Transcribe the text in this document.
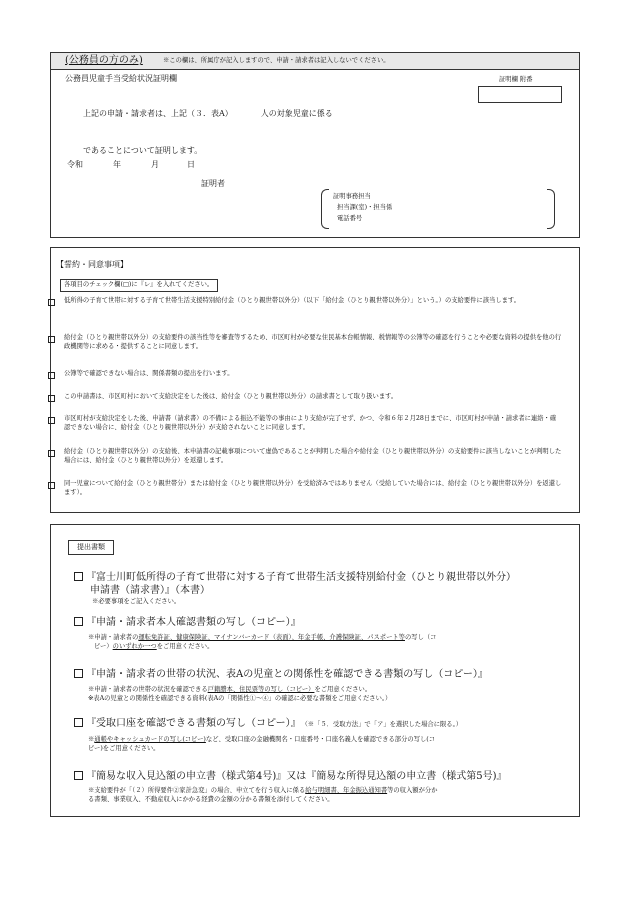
(公務員の方のみ)	※この欄は、所属庁が記入しますので、申請・請求者は記入しないでください。
公務員児童手当受給状況証明欄	証明欄 附番
上記の申請・請求者は、上記（３．表A）　　　　人の対象児童に係る
であることについて証明します。
令和	年	月	日
証明者
証明事務担当
担当課(室)・担当係
電話番号
【誓約・同意事項】
各項目のチェック欄(□)に『レ』を入れてください。
低所得の子育て世帯に対する子育て世帯生活支援特別給付金（ひとり親世帯以外分）（以下「給付金（ひとり親世帯以外分）」という。）の支給要件に該当します。
給付金（ひとり親世帯以外分）の支給要件の該当性等を審査等するため、市区町村が必要な住民基本台帳情報、税情報等の公簿等の確認を行うことや必要な資料の提供を他の行政機関等に求める・提供することに同意します。
公簿等で確認できない場合は、関係書類の提出を行います。
この申請書は、市区町村において支給決定をした後は、給付金（ひとり親世帯以外分）の請求書として取り扱います。
市区町村が支給決定をした後、申請書（請求書）の不備による振込不能等の事由により支給が完了せず、かつ、令和６年２月28日までに、市区町村が申請・請求者に連絡・確認できない場合に、給付金（ひとり親世帯以外分）が支給されないことに同意します。
給付金（ひとり親世帯以外分）の支給後、本申請書の記載事項について虚偽であることが判明した場合や給付金（ひとり親世帯以外分）の支給要件に該当しないことが判明した場合には、給付金（ひとり親世帯以外分）を返還します。
同一児童について給付金（ひとり親世帯分）または給付金（ひとり親世帯以外分）を受給済みではありません（受給していた場合には、給付金（ひとり親世帯以外分）を返還します）。
提出書類
『富士川町低所得の子育て世帯に対する子育て世帯生活支援特別給付金（ひとり親世帯以外分）
申請書（請求書）』（本書）
※必要事項をご記入ください。
『申請・請求者本人確認書類の写し（コピー）』
※申請・請求者の運転免許証、健康保険証、マイナンバーカード（表面）、年金手帳、介護保険証、パスポート等の写し（コ
ピー）のいずれか一つをご用意ください。
『申請・請求者の世帯の状況、表Aの児童との関係性を確認できる書類の写し（コピー）』
※申請・請求者の世帯の状況を確認できる戸籍謄本、住民票等の写し（コピー）をご用意ください。
※表Aの児童との関係性を確認できる資料(表Aの「関係性①～④」の確認に必要な書類をご用意ください。）
『受取口座を確認できる書類の写し（コピー）』 （※「５．受取方法」で「ア」を選択した場合に限る。）
※通帳やキャッシュカードの写し(コピー)など、受取口座の金融機関名・口座番号・口座名義人を確認できる部分の写し(コ
ピー)をご用意ください。
『簡易な収入見込額の申立書（様式第4号)』又は『簡易な所得見込額の申立書（様式第5号)』
※支給要件が「（２）所得要件②家計急変」の場合、申立てを行う収入に係る給与明細書、年金振込通知書等の収入額が分か
る書類、事業収入、不動産収入にかかる経費の金額の分かる書類を添付してください。
